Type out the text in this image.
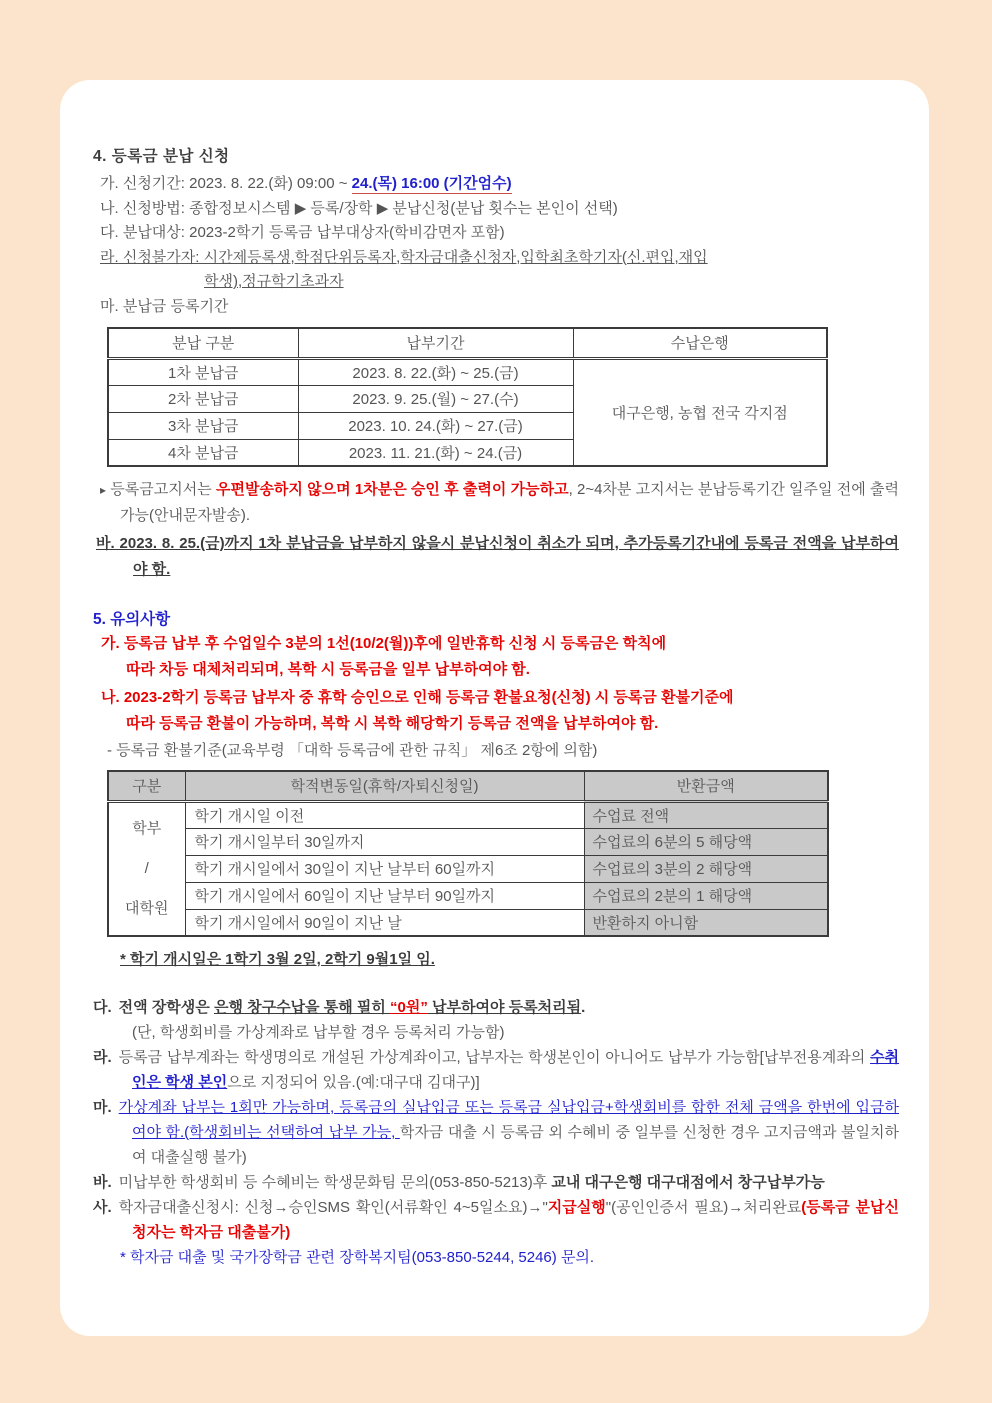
4. 등록금 분납 신청
가. 신청기간: 2023. 8. 22.(화) 09:00 ~ 24.(목) 16:00 (기간엄수)
나. 신청방법: 종합정보시스템 ▶ 등록/장학 ▶ 분납신청(분납 횟수는 본인이 선택)
다. 분납대상: 2023-2학기 등록금 납부대상자(학비감면자 포함)
라. 신청불가자: 시간제등록생,학점단위등록자,학자금대출신청자,입학최초학기자(신.편입,재입
학생),정규학기초과자
마. 분납금 등록기간
분납 구분	납부기간	수납은행
1차 분납금	2023. 8. 22.(화) ~ 25.(금)	대구은행, 농협 전국 각지점
2차 분납금	2023. 9. 25.(월) ~ 27.(수)	
3차 분납금	2023. 10. 24.(화) ~ 27.(금)	
4차 분납금	2023. 11. 21.(화) ~ 24.(금)	

▸ 등록금고지서는 우편발송하지 않으며 1차분은 승인 후 출력이 가능하고, 2~4차분 고지서는 분납등록기간 일주일 전에 출력 가능(안내문자발송).

바. 2023. 8. 25.(금)까지 1차 분납금을 납부하지 않을시 분납신청이 취소가 되며, 추가등록기간내에 등록금 전액을 납부하여야 함.

5. 유의사항
가. 등록금 납부 후 수업일수 3분의 1선(10/2(월))후에 일반휴학 신청 시 등록금은 학칙에
따라 차등 대체처리되며, 복학 시 등록금을 일부 납부하여야 함.
나. 2023-2학기 등록금 납부자 중 휴학 승인으로 인해 등록금 환불요청(신청) 시 등록금 환불기준에
따라 등록금 환불이 가능하며, 복학 시 복학 해당학기 등록금 전액을 납부하여야 함.
- 등록금 환불기준(교육부령 「대학 등록금에 관한 규칙」 제6조 2항에 의함)
구분	학적변동일(휴학/자퇴신청일)	반환금액

학부
/
대학원	학기 개시일 이전	수업료 전액
	학기 개시일부터 30일까지	수업료의 6분의 5 해당액
	학기 개시일에서 30일이 지난 날부터 60일까지	수업료의 3분의 2 해당액
	학기 개시일에서 60일이 지난 날부터 90일까지	수업료의 2분의 1 해당액
	학기 개시일에서 90일이 지난 날	반환하지 아니함
* 학기 개시일은 1학기 3월 2일, 2학기 9월1일 임.

다. 전액 장학생은 은행 창구수납을 통해 필히 “0원” 납부하여야 등록처리됨.

(단, 학생회비를 가상계좌로 납부할 경우 등록처리 가능함)

라. 등록금 납부계좌는 학생명의로 개설된 가상계좌이고, 납부자는 학생본인이 아니어도 납부가 가능함[납부전용계좌의 수취인은 학생 본인으로 지정되어 있음.(예:대구대 김대구)]

마. 가상계좌 납부는 1회만 가능하며, 등록금의 실납입금 또는 등록금 실납입금+학생회비를 합한 전체 금액을 한번에 입금하여야 함.(학생회비는 선택하여 납부 가능, 학자금 대출 시 등록금 외 수혜비 중 일부를 신청한 경우 고지금액과 불일치하여 대출실행 불가)

바. 미납부한 학생회비 등 수혜비는 학생문화팀 문의(053-850-5213)후 교내 대구은행 대구대점에서 창구납부가능

사. 학자금대출신청시: 신청→승인SMS 확인(서류확인 4~5일소요)→"지급실행"(공인인증서 필요)→처리완료(등록금 분납신청자는 학자금 대출불가)

* 학자금 대출 및 국가장학금 관련 장학복지팀(053-850-5244, 5246) 문의.
